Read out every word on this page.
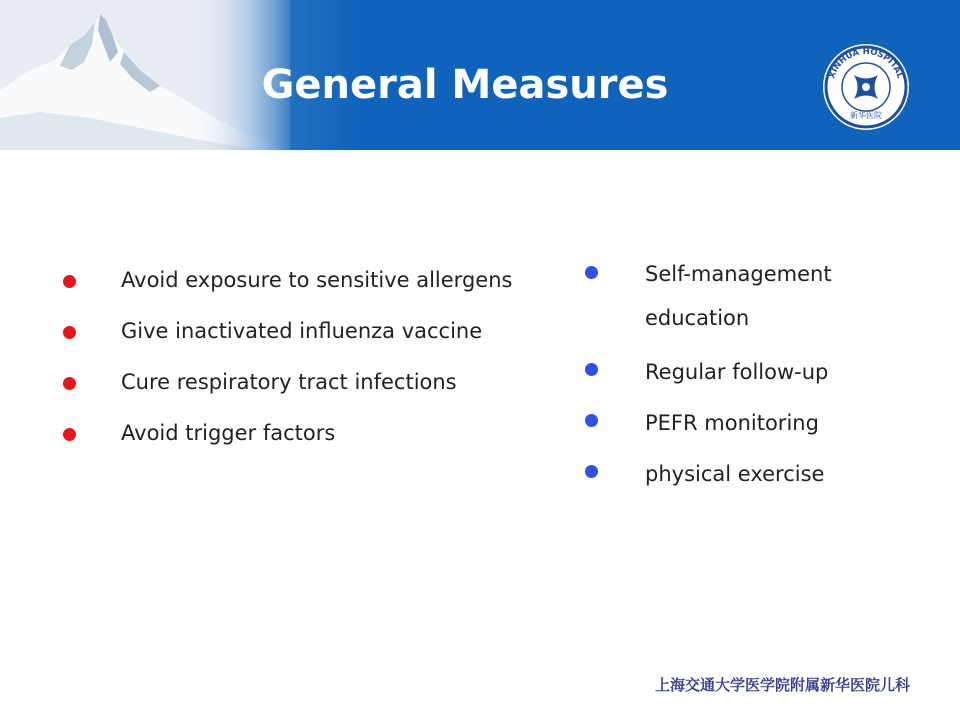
General Measures	XINHUA HOSPITAL
新华医院
Avoid exposure to sensitive allergens
Give inactivated influenza vaccine
Cure respiratory tract infections
Avoid trigger factors
Self-management
education
Regular follow-up
PEFR monitoring
physical exercise
上海交通大学医学院附属新华医院儿科
